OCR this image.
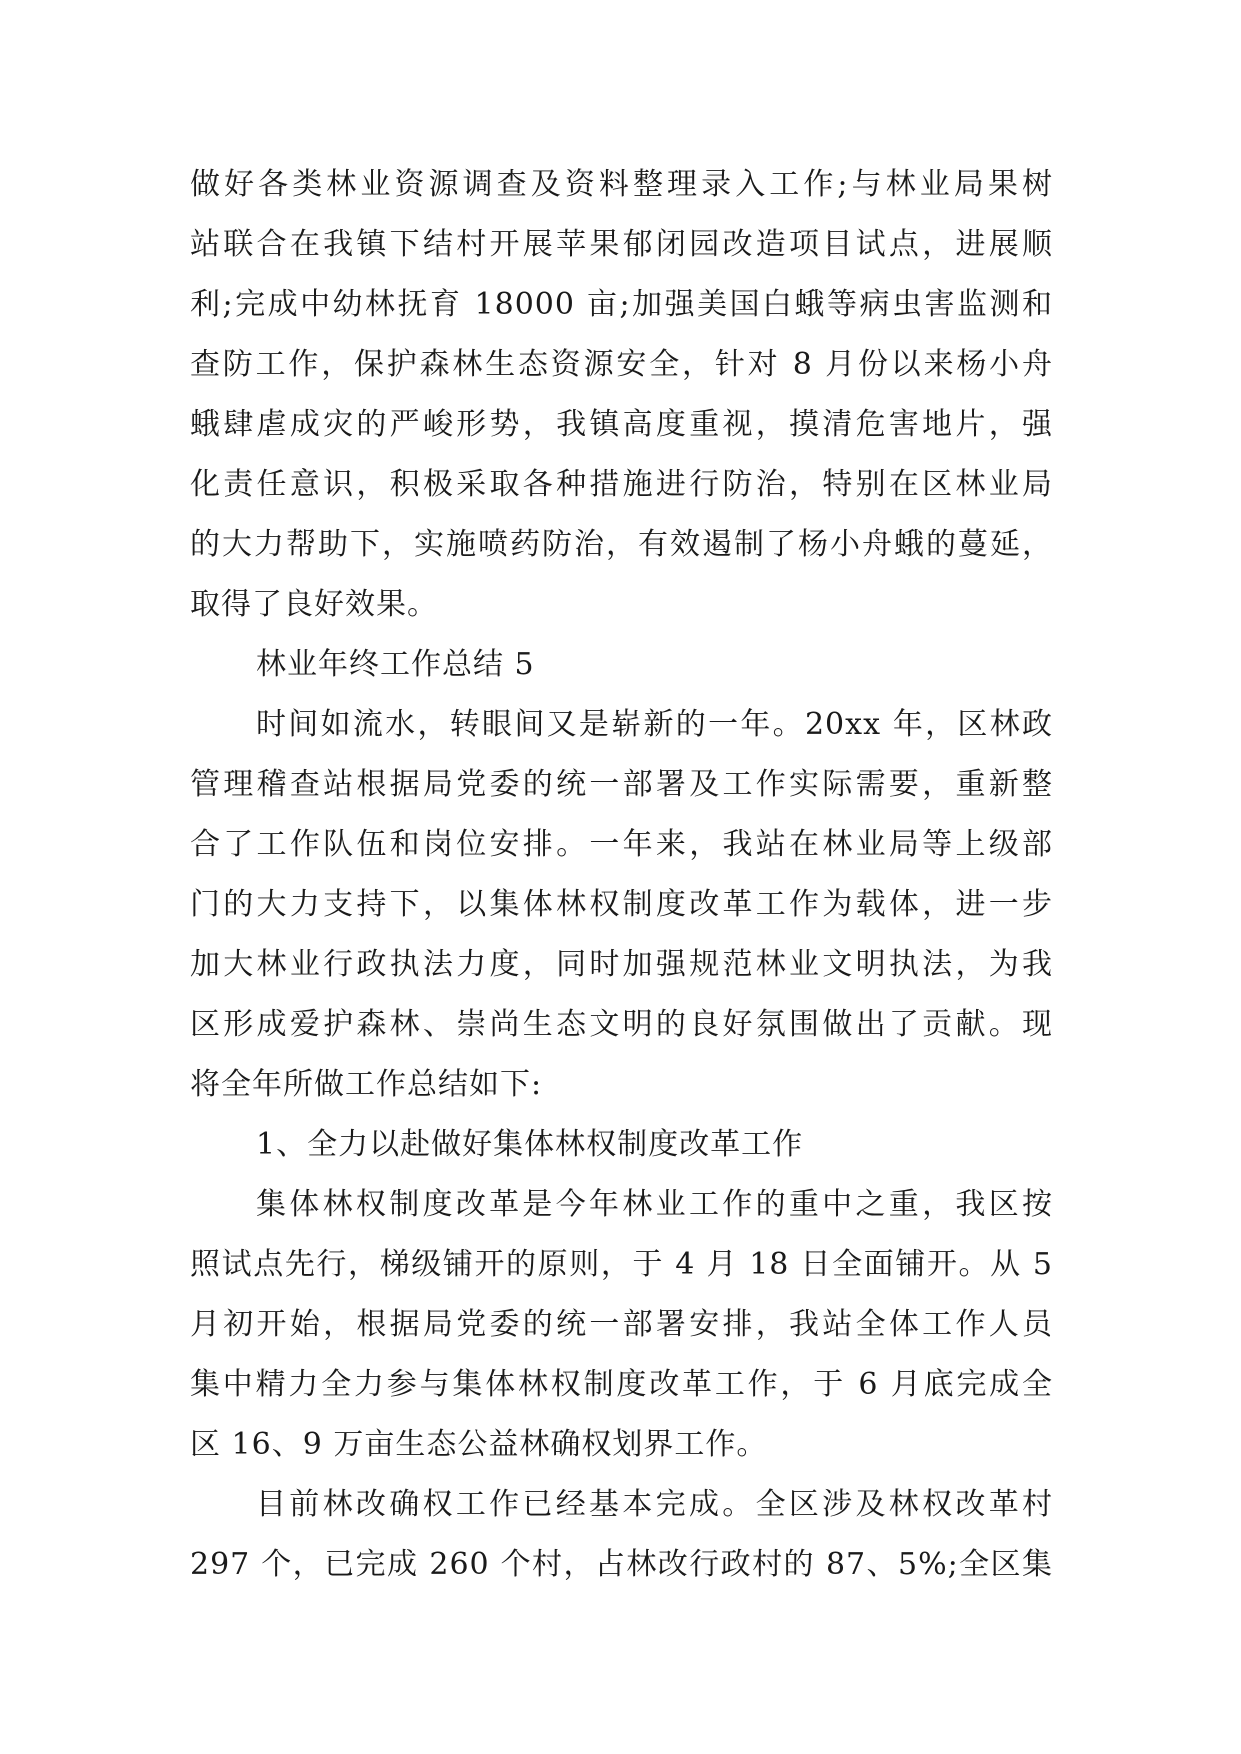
做好各类林业资源调查及资料整理录入工作;与林业局果树
站联合在我镇下结村开展苹果郁闭园改造项目试点，进展顺
利;完成中幼林抚育 18000 亩;加强美国白蛾等病虫害监测和
查防工作，保护森林生态资源安全，针对 8 月份以来杨小舟
蛾肆虐成灾的严峻形势，我镇高度重视，摸清危害地片，强
化责任意识，积极采取各种措施进行防治，特别在区林业局
的大力帮助下，实施喷药防治，有效遏制了杨小舟蛾的蔓延，
取得了良好效果。
林业年终工作总结 5
时间如流水，转眼间又是崭新的一年。20xx 年，区林政
管理稽查站根据局党委的统一部署及工作实际需要，重新整
合了工作队伍和岗位安排。一年来，我站在林业局等上级部
门的大力支持下，以集体林权制度改革工作为载体，进一步
加大林业行政执法力度，同时加强规范林业文明执法，为我
区形成爱护森林、崇尚生态文明的良好氛围做出了贡献。现
将全年所做工作总结如下:
1、全力以赴做好集体林权制度改革工作
集体林权制度改革是今年林业工作的重中之重，我区按
照试点先行，梯级铺开的原则，于 4 月 18 日全面铺开。从 5
月初开始，根据局党委的统一部署安排，我站全体工作人员
集中精力全力参与集体林权制度改革工作，于 6 月底完成全
区 16、9 万亩生态公益林确权划界工作。
目前林改确权工作已经基本完成。全区涉及林权改革村
297 个，已完成 260 个村，占林改行政村的 87、5%;全区集
